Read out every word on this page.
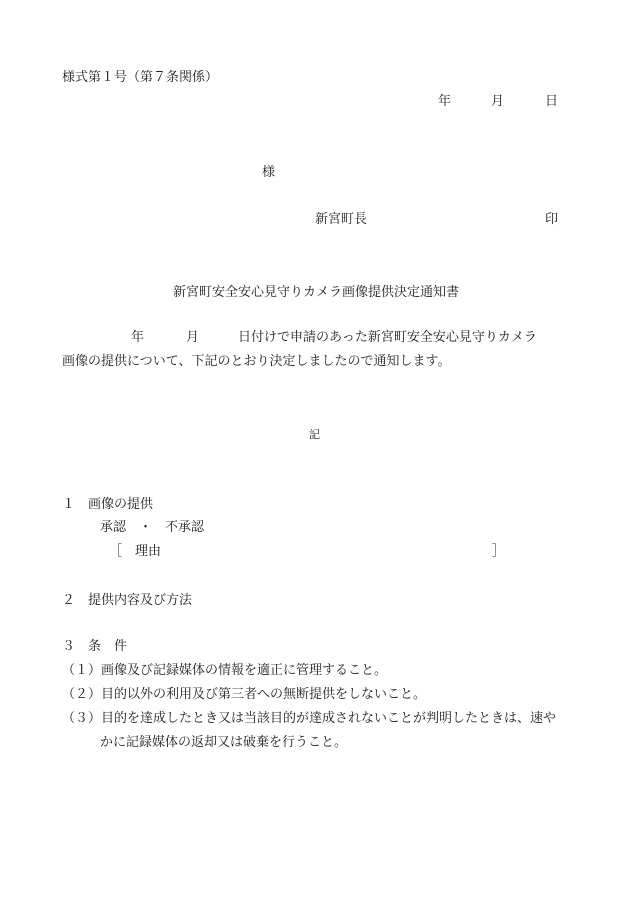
様式第１号（第７条関係）
年	月	日
様
新宮町長	印
新宮町安全安心見守りカメラ画像提供決定通知書
年	月	日付けで申請のあった新宮町安全安心見守りカメラ
画像の提供について、下記のとおり決定しましたので通知します。
記
１　画像の提供
承認　・　不承認
［　理由	］
２　提供内容及び方法
３　条　件
（１）画像及び記録媒体の情報を適正に管理すること。
（２）目的以外の利用及び第三者への無断提供をしないこと。
（３）目的を達成したとき又は当該目的が達成されないことが判明したときは、速や
かに記録媒体の返却又は破棄を行うこと。
